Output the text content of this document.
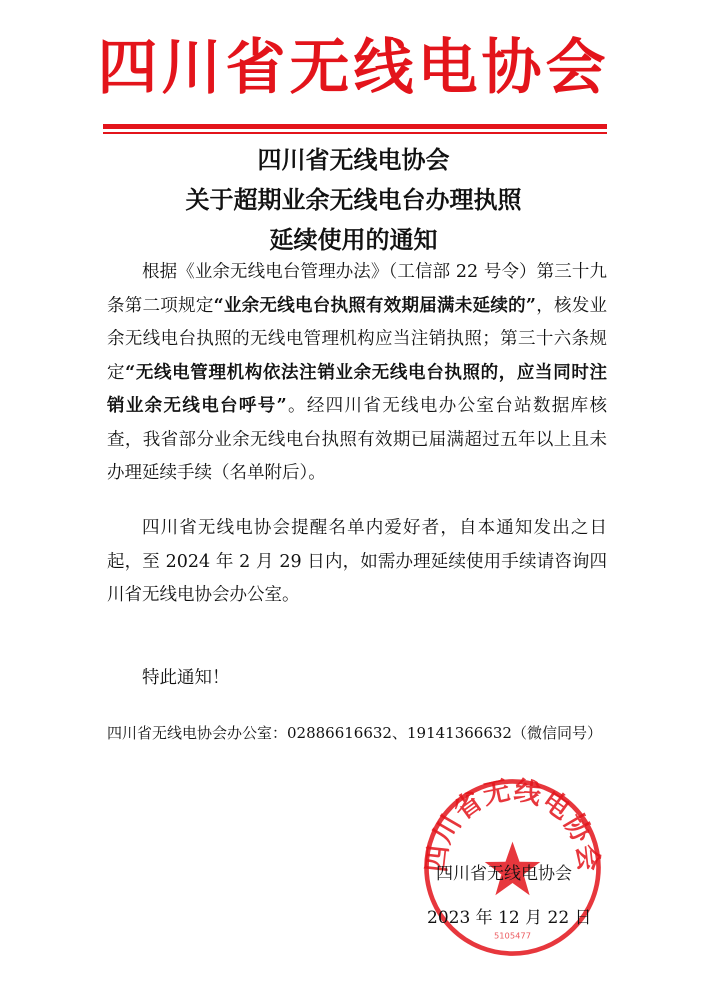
四川省无线电协会
四川省无线电协会
关于超期业余无线电台办理执照
延续使用的通知
根据《业余无线电台管理办法》（工信部 22 号令）第三十九条第二项规定“业余无线电台执照有效期届满未延续的”，核发业余无线电台执照的无线电管理机构应当注销执照；第三十六条规定“无线电管理机构依法注销业余无线电台执照的，应当同时注销业余无线电台呼号”。经四川省无线电办公室台站数据库核查，我省部分业余无线电台执照有效期已届满超过五年以上且未办理延续手续（名单附后）。
四川省无线电协会提醒名单内爱好者，自本通知发出之日起，至 2024 年 2 月 29 日内，如需办理延续使用手续请咨询四川省无线电协会办公室。
特此通知！
四川省无线电协会办公室：02886616632、19141366632（微信同号）
四川省无线电协会
5105477
四川省无线电协会
2023 年 12 月 22 日
